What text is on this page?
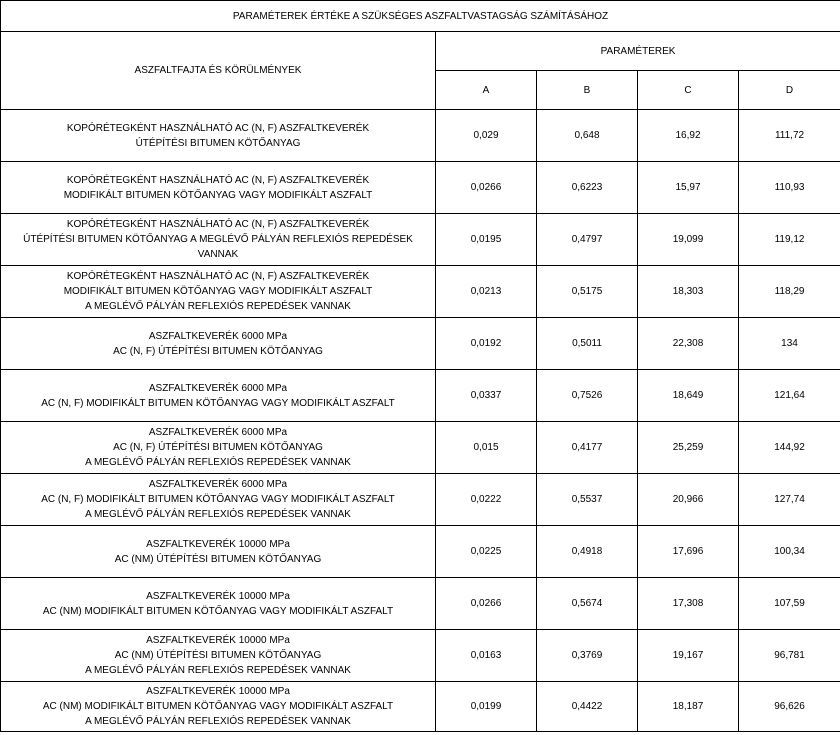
PARAMÉTEREK ÉRTÉKE A SZÜKSÉGES ASZFALTVASTAGSÁG SZÁMÍTÁSÁHOZ				
ASZFALTFAJTA ÉS KÖRÜLMÉNYEK	PARAMÉTEREK			
	A	B	C	D

KOPÓRÉTEGKÉNT HASZNÁLHATÓ AC (N, F) ASZFALTKEVERÉK
ÚTÉPÍTÉSI BITUMEN KÖTŐANYAG	0,029	0,648	16,92	111,72

KOPÓRÉTEGKÉNT HASZNÁLHATÓ AC (N, F) ASZFALTKEVERÉK
MODIFIKÁLT BITUMEN KÖTŐANYAG VAGY MODIFIKÁLT ASZFALT	0,0266	0,6223	15,97	110,93

KOPÓRÉTEGKÉNT HASZNÁLHATÓ AC (N, F) ASZFALTKEVERÉK
ÚTÉPÍTÉSI BITUMEN KÖTŐANYAG A MEGLÉVŐ PÁLYÁN REFLEXIÓS REPEDÉSEK
VANNAK	0,0195	0,4797	19,099	119,12

KOPÓRÉTEGKÉNT HASZNÁLHATÓ AC (N, F) ASZFALTKEVERÉK
MODIFIKÁLT BITUMEN KÖTŐANYAG VAGY MODIFIKÁLT ASZFALT
A MEGLÉVŐ PÁLYÁN REFLEXIÓS REPEDÉSEK VANNAK	0,0213	0,5175	18,303	118,29

ASZFALTKEVERÉK 6000 MPa
AC (N, F) ÚTÉPÍTÉSI BITUMEN KÖTŐANYAG	0,0192	0,5011	22,308	134

ASZFALTKEVERÉK 6000 MPa
AC (N, F) MODIFIKÁLT BITUMEN KÖTŐANYAG VAGY MODIFIKÁLT ASZFALT	0,0337	0,7526	18,649	121,64

ASZFALTKEVERÉK 6000 MPa
AC (N, F) ÚTÉPÍTÉSI BITUMEN KÖTŐANYAG
A MEGLÉVŐ PÁLYÁN REFLEXIÓS REPEDÉSEK VANNAK	0,015	0,4177	25,259	144,92

ASZFALTKEVERÉK 6000 MPa
AC (N, F) MODIFIKÁLT BITUMEN KÖTŐANYAG VAGY MODIFIKÁLT ASZFALT
A MEGLÉVŐ PÁLYÁN REFLEXIÓS REPEDÉSEK VANNAK	0,0222	0,5537	20,966	127,74

ASZFALTKEVERÉK 10000 MPa
AC (NM) ÚTÉPÍTÉSI BITUMEN KÖTŐANYAG	0,0225	0,4918	17,696	100,34

ASZFALTKEVERÉK 10000 MPa
AC (NM) MODIFIKÁLT BITUMEN KÖTŐANYAG VAGY MODIFIKÁLT ASZFALT	0,0266	0,5674	17,308	107,59

ASZFALTKEVERÉK 10000 MPa
AC (NM) ÚTÉPÍTÉSI BITUMEN KÖTŐANYAG
A MEGLÉVŐ PÁLYÁN REFLEXIÓS REPEDÉSEK VANNAK	0,0163	0,3769	19,167	96,781

ASZFALTKEVERÉK 10000 MPa
AC (NM) MODIFIKÁLT BITUMEN KÖTŐANYAG VAGY MODIFIKÁLT ASZFALT
A MEGLÉVŐ PÁLYÁN REFLEXIÓS REPEDÉSEK VANNAK	0,0199	0,4422	18,187	96,626
